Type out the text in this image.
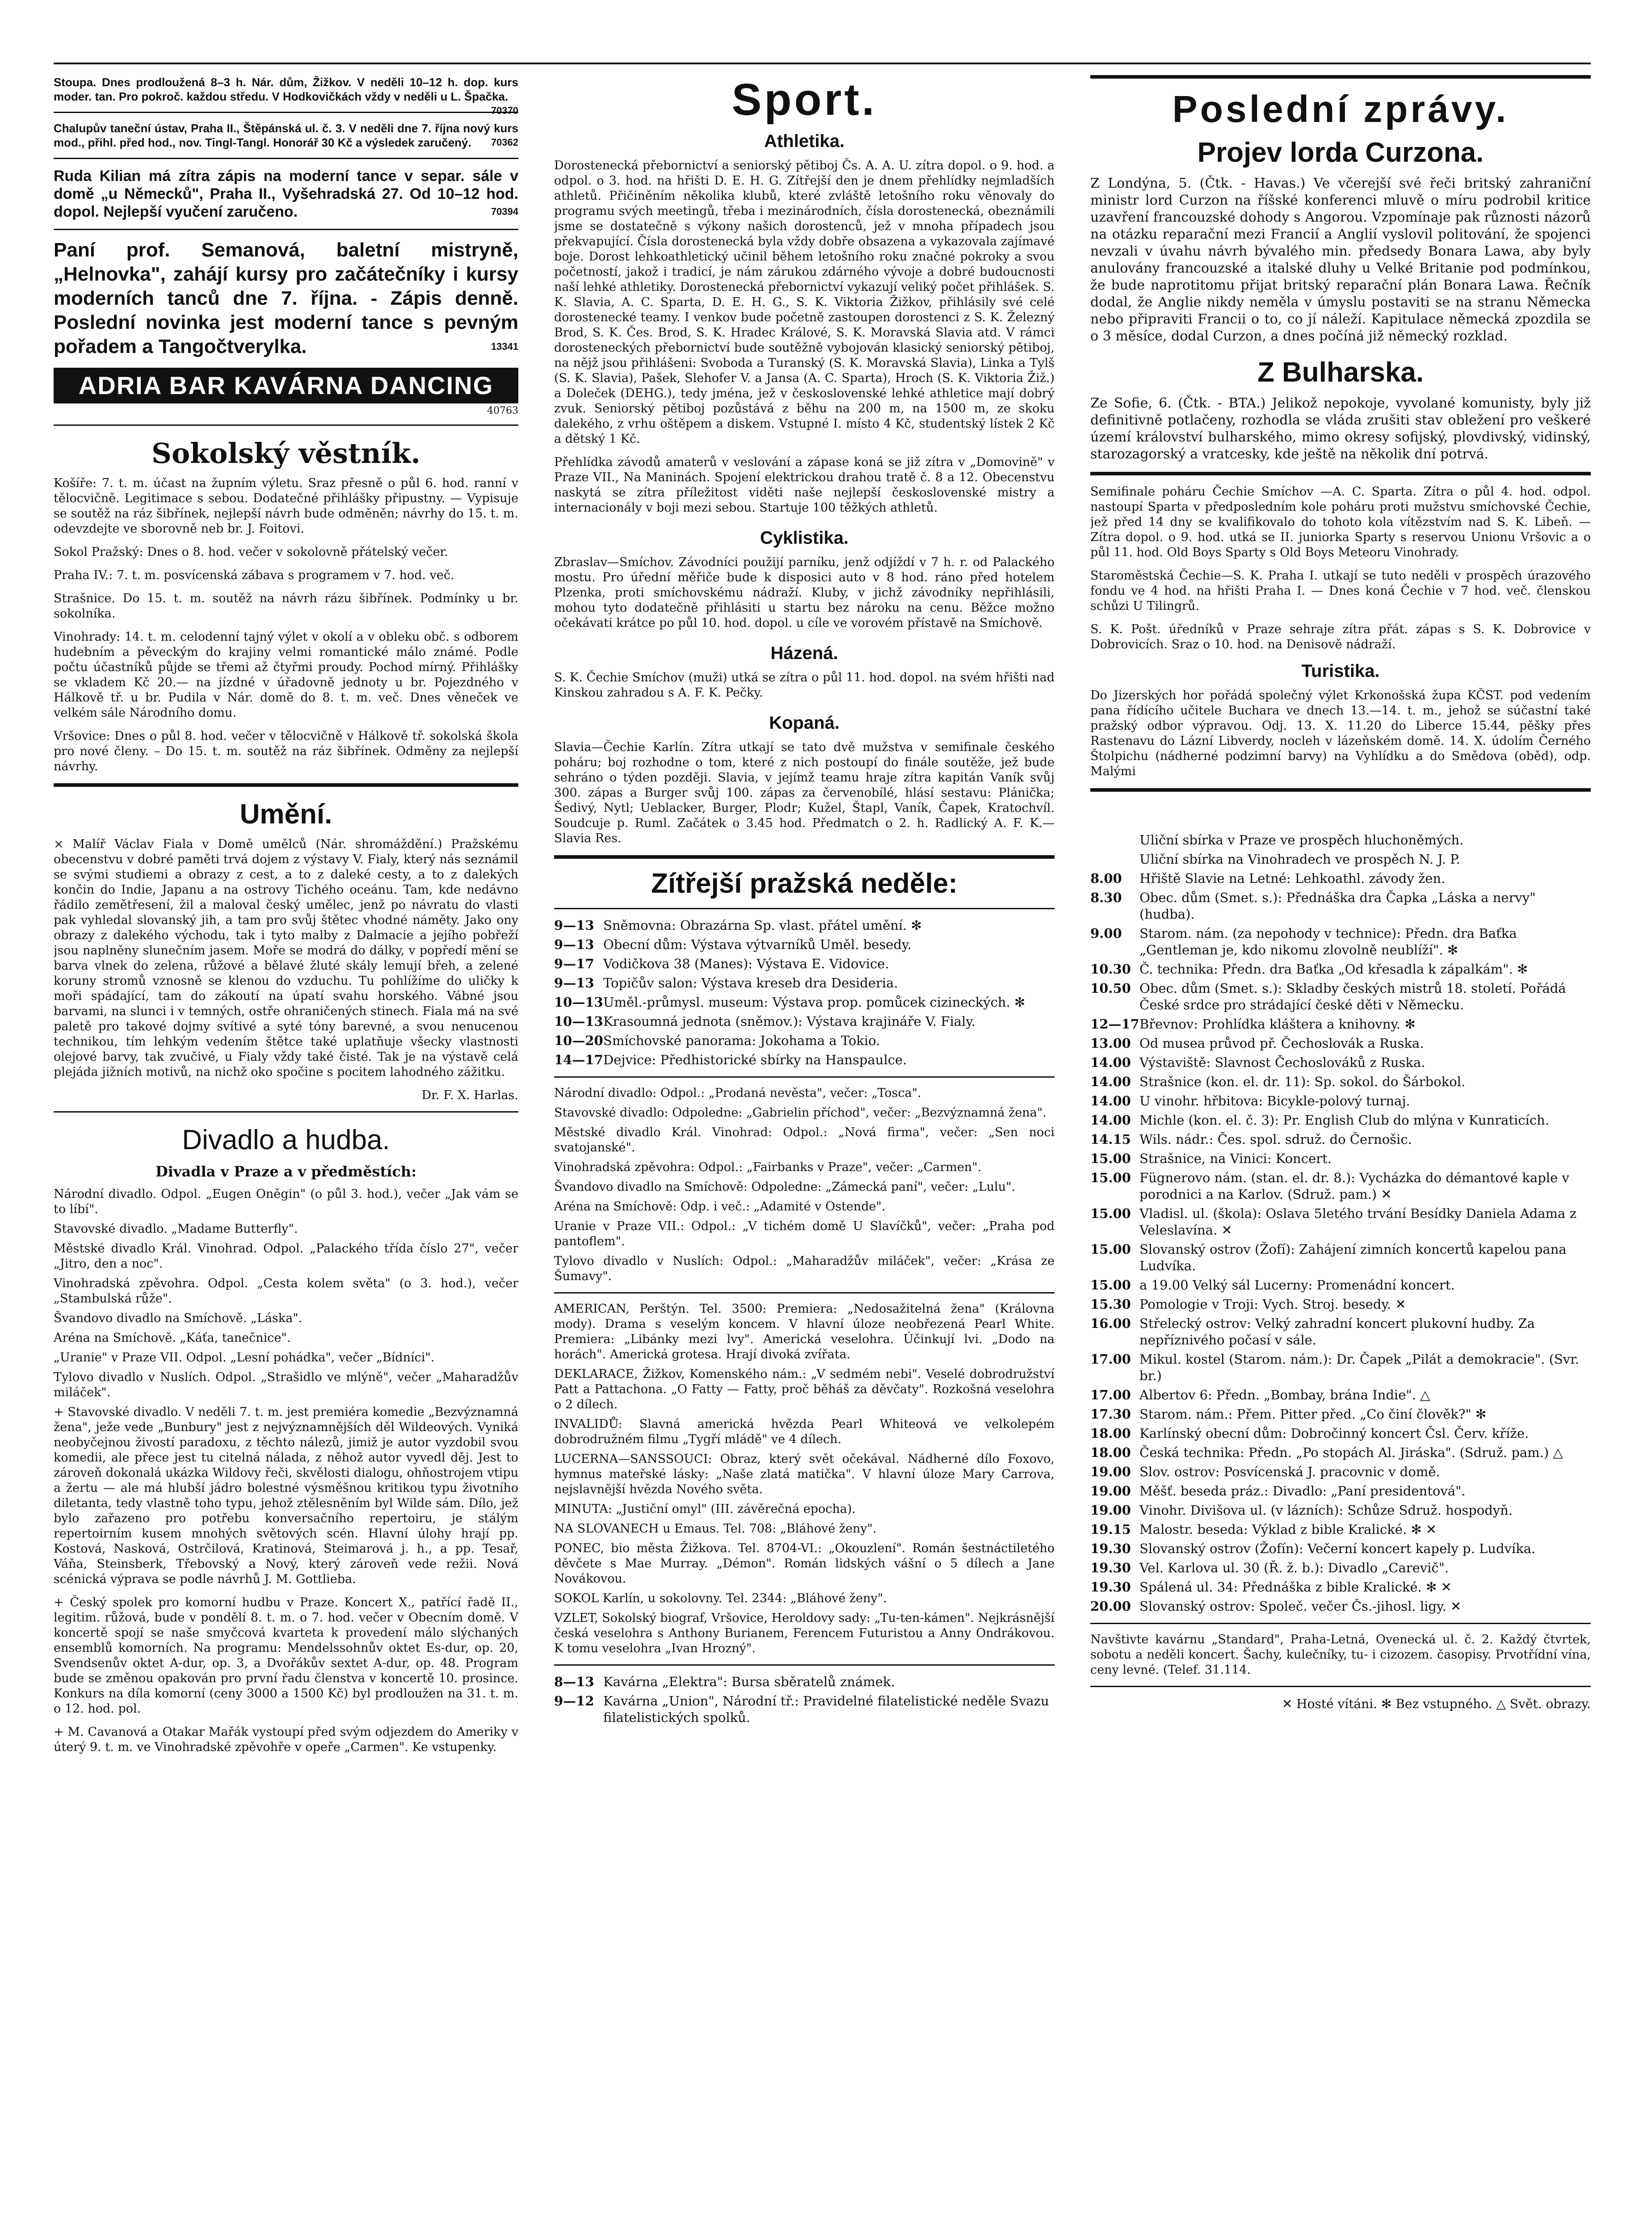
Stoupa. Dnes prodloužená 8–3 h. Nár. dům, Žižkov. V neděli 10–12 h. dop. kurs moder. tan. Pro pokroč. každou středu. V Hodkovičkách vždy v neděli u L. Špačka.
70370

Chalupův taneční ústav, Praha II., Štěpánská ul. č. 3. V neděli dne 7. října nový kurs mod., přihl. před hod., nov. Tingl-Tangl. Honorář 30 Kč a výsledek zaručený. 70362

Ruda Kilian má zítra zápis na moderní tance v separ. sále v domě „u Německů", Praha II., Vyšehradská 27. Od 10–12 hod. dopol. Nejlepší vyučení zaručeno.	70394

Paní prof. Semanová, baletní mistryně, „Helnovka", zahájí kursy pro začátečníky i kursy moderních tanců dne 7. října. - Zápis denně. Poslední novinka jest moderní tance s pevným pořadem a Tangočtverylka.	13341

ADRIA BAR KAVÁRNA DANCING
40763
Sokolský věstník.

Košíře: 7. t. m. účast na župním výletu. Sraz přesně o půl 6. hod. ranní v tělocvičně. Legitimace s sebou. Dodatečné přihlášky připustny. — Vypisuje se soutěž na ráz šibřínek, nejlepší návrh bude odměněn; návrhy do 15. t. m. odevzdejte ve sborovně neb br. J. Foitovi.

Sokol Pražský: Dnes o 8. hod. večer v sokolovně přátelský večer.

Praha IV.: 7. t. m. posvícenská zábava s programem v 7. hod. več.

Strašnice. Do 15. t. m. soutěž na návrh rázu šibřínek. Podmínky u br. sokolníka.

Vinohrady: 14. t. m. celodenní tajný výlet v okolí a v obleku obč. s odborem hudebním a pěveckým do krajiny velmi romantické málo známé. Podle počtu účastníků půjde se třemi až čtyřmi proudy. Pochod mírný. Přihlášky se vkladem Kč 20.— na jízdné v úřadovně jednoty u br. Pojezdného v Hálkově tř. u br. Pudila v Nár. domě do 8. t. m. več. Dnes věneček ve velkém sále Národního domu.

Vršovice: Dnes o půl 8. hod. večer v tělocvičně v Hálkově tř. sokolská škola pro nové členy. – Do 15. t. m. soutěž na ráz šibřínek. Odměny za nejlepší návrhy.

Umění.

× Malíř Václav Fiala v Domě umělců (Nár. shromáždění.) Pražskému obecenstvu v dobré paměti trvá dojem z výstavy V. Fialy, který nás seznámil se svými studiemi a obrazy z cest, a to z daleké cesty, a to z dalekých končin do Indie, Japanu a na ostrovy Tichého oceánu. Tam, kde nedávno řádilo zemětřesení, žil a maloval český umělec, jenž po návratu do vlasti pak vyhledal slovanský jih, a tam pro svůj štětec vhodné náměty. Jako ony obrazy z dalekého východu, tak i tyto malby z Dalmacie a jejího pobřeží jsou naplněny slunečním jasem. Moře se modrá do dálky, v popředí mění se barva vlnek do zelena, růžové a bělavé žluté skály lemují břeh, a zelené koruny stromů vznosně se klenou do vzduchu. Tu pohlížíme do uličky k moři spádající, tam do zákoutí na úpatí svahu horského. Vábné jsou barvami, na slunci i v temných, ostře ohraničených stinech. Fiala má na své paletě pro takové dojmy svítivé a syté tóny barevné, a svou nenucenou technikou, tím lehkým vedením štětce také uplatňuje všecky vlastnosti olejové barvy, tak zvučivé, u Fialy vždy také čisté. Tak je na výstavě celá plejáda jižních motivů, na nichž oko spočine s pocitem lahodného zážitku.

Dr. F. X. Harlas.

Divadlo a hudba.
Divadla v Praze a v předměstích:

Národní divadlo. Odpol. „Eugen Oněgin" (o půl 3. hod.), večer „Jak vám se to líbí".

Stavovské divadlo. „Madame Butterfly".

Městské divadlo Král. Vinohrad. Odpol. „Palackého třída číslo 27", večer „Jitro, den a noc".

Vinohradská zpěvohra. Odpol. „Cesta kolem světa" (o 3. hod.), večer „Stambulská růže".

Švandovo divadlo na Smíchově. „Láska".

Aréna na Smíchově. „Káťa, tanečnice".

„Uranie" v Praze VII. Odpol. „Lesní pohádka", večer „Bídníci".

Tylovo divadlo v Nuslích. Odpol. „Strašidlo ve mlýně", večer „Maharadžův miláček".

+ Stavovské divadlo. V neděli 7. t. m. jest premiéra komedie „Bezvýznamná žena", ježe vede „Bunbury" jest z nejvýznamnějších děl Wildeových. Vyniká neobyčejnou živostí paradoxu, z těchto nálezů, jimiž je autor vyzdobil svou komedii, ale přece jest tu citelná nálada, z něhož autor vyvedl děj. Jest to zároveň dokonalá ukázka Wildovy řeči, skvělosti dialogu, ohňostrojem vtipu a žertu — ale má hlubší jádro bolestné výsměšnou kritikou typu životního diletanta, tedy vlastně toho typu, jehož ztělesněním byl Wilde sám. Dílo, jež bylo zařazeno pro potřebu konversačního repertoiru, je stálým repertoirním kusem mnohých světových scén. Hlavní úlohy hrají pp. Kostová, Nasková, Ostrčilová, Kratinová, Steimarová j. h., a pp. Tesař, Váňa, Steinsberk, Třebovský a Nový, který zároveň vede režii. Nová scénická výprava se podle návrhů J. M. Gottlieba.

+ Český spolek pro komorní hudbu v Praze. Koncert X., patřící řadě II., legitim. růžová, bude v pondělí 8. t. m. o 7. hod. večer v Obecním domě. V koncertě spojí se naše smyčcová kvarteta k provedení málo slýchaných ensemblů komorních. Na programu: Mendelssohnův oktet Es-dur, op. 20, Svendsenův oktet A-dur, op. 3, a Dvořákův sextet A-dur, op. 48. Program bude se změnou opakován pro první řadu členstva v koncertě 10. prosince. Konkurs na díla komorní (ceny 3000 a 1500 Kč) byl prodloužen na 31. t. m. o 12. hod. pol.

+ M. Cavanová a Otakar Mařák vystoupí před svým odjezdem do Ameriky v úterý 9. t. m. ve Vinohradské zpěvohře v opeře „Carmen". Ke vstupenky.

Sport.
Athletika.

Dorostenecká přebornictví a seniorský pětiboj Čs. A. A. U. zítra dopol. o 9. hod. a odpol. o 3. hod. na hřišti D. E. H. G. Zítřejší den je dnem přehlídky nejmladších athletů. Přičiněním několika klubů, které zvláště letošního roku věnovaly do programu svých meetingů, třeba i mezinárodních, čísla dorostenecká, obeznámili jsme se dostatečně s výkony našich dorostenců, jež v mnoha případech jsou překvapující. Čísla dorostenecká byla vždy dobře obsazena a vykazovala zajímavé boje. Dorost lehkoathletický učinil během letošního roku značné pokroky a svou početností, jakož i tradicí, je nám zárukou zdárného vývoje a dobré budoucnosti naší lehké athletiky. Dorostenecká přebornictví vykazují veliký počet přihlášek. S. K. Slavia, A. C. Sparta, D. E. H. G., S. K. Viktoria Žižkov, přihlásily své celé dorostenecké teamy. I venkov bude početně zastoupen dorostenci z S. K. Železný Brod, S. K. Čes. Brod, S. K. Hradec Králové, S. K. Moravská Slavia atd. V rámci dorosteneckých přebornictví bude soutěžně vybojován klasický seniorský pětiboj, na nějž jsou přihlášeni: Svoboda a Turanský (S. K. Moravská Slavia), Linka a Tylš (S. K. Slavia), Pašek, Slehofer V. a Jansa (A. C. Sparta), Hroch (S. K. Viktoria Žiž.) a Doleček (DEHG.), tedy jména, jež v československé lehké athletice mají dobrý zvuk. Seniorský pětiboj pozůstává z běhu na 200 m, na 1500 m, ze skoku dalekého, z vrhu oštěpem a diskem. Vstupné I. místo 4 Kč, studentský lístek 2 Kč a dětský 1 Kč.

Přehlídka závodů amaterů v veslování a zápase koná se již zítra v „Domovině" v Praze VII., Na Maninách. Spojení elektrickou drahou tratě č. 8 a 12. Obecenstvu naskytá se zítra příležitost viděti naše nejlepší československé mistry a internacionály v boji mezi sebou. Startuje 100 těžkých athletů.

Cyklistika.

Zbraslav—Smíchov. Závodníci použijí parníku, jenž odjíždí v 7 h. r. od Palackého mostu. Pro úřední měřiče bude k disposici auto v 8 hod. ráno před hotelem Plzenka, proti smíchovskému nádraží. Kluby, v jichž závodníky nepřihlásili, mohou tyto dodatečně přihlásiti u startu bez nároku na cenu. Běžce možno očekávati krátce po půl 10. hod. dopol. u cíle ve vorovém přístavě na Smíchově.

Házená.

S. K. Čechie Smíchov (muži) utká se zítra o půl 11. hod. dopol. na svém hřišti nad Kinskou zahradou s A. F. K. Pečky.

Kopaná.

Slavia—Čechie Karlín. Zítra utkají se tato dvě mužstva v semifinale českého poháru; boj rozhodne o tom, které z nich postoupí do finále soutěže, jež bude sehráno o týden později. Slavia, v jejímž teamu hraje zítra kapitán Vaník svůj 300. zápas a Burger svůj 100. zápas za červenobílé, hlásí sestavu: Plánička; Šedivý, Nytl; Ueblacker, Burger, Plodr; Kužel, Štapl, Vaník, Čapek, Kratochvíl. Soudcuje p. Ruml. Začátek o 3.45 hod. Předmatch o 2. h. Radlický A. F. K.—Slavia Res.

Zítřejší pražská neděle:
9—13 Sněmovna: Obrazárna Sp. vlast. přátel umění. ✻
9—13 Obecní dům: Výstava výtvarníků Uměl. besedy.
9—17 Vodičkova 38 (Manes): Výstava E. Vidovice.
9—13 Topičův salon: Výstava kreseb dra Desideria.
10—13Uměl.-průmysl. museum: Výstava prop. pomůcek cizineckých. ✻
10—13Krasoumná jednota (sněmov.): Výstava krajináře V. Fialy.
10—20Smíchovské panorama: Jokohama a Tokio.
14—17Dejvice: Předhistorické sbírky na Hanspaulce.

Národní divadlo: Odpol.: „Prodaná nevěsta", večer: „Tosca".

Stavovské divadlo: Odpoledne: „Gabrielin příchod", večer: „Bezvýznamná žena".

Městské divadlo Král. Vinohrad: Odpol.: „Nová firma", večer: „Sen noci svatojanské".

Vinohradská zpěvohra: Odpol.: „Fairbanks v Praze", večer: „Carmen".

Švandovo divadlo na Smíchově: Odpoledne: „Zámecká paní", večer: „Lulu".

Aréna na Smíchově: Odp. i več.: „Adamité v Ostende".

Uranie v Praze VII.: Odpol.: „V tichém domě U Slavíčků", večer: „Praha pod pantoflem".

Tylovo divadlo v Nuslích: Odpol.: „Maharadžův miláček", večer: „Krása ze Šumavy".

AMERICAN, Perštýn. Tel. 3500: Premiera: „Nedosažitelná žena" (Královna mody). Drama s veselým koncem. V hlavní úloze neobřezená Pearl White. Premiera: „Libánky mezi lvy". Americká veselohra. Účinkují lvi. „Dodo na horách". Americká grotesa. Hrají divoká zvířata.

DEKLARACE, Žižkov, Komenského nám.: „V sedmém nebi". Veselé dobrodružství Patt a Pattachona. „O Fatty — Fatty, proč běháš za děvčaty". Rozkošná veselohra o 2 dílech.

INVALIDŮ: Slavná americká hvězda Pearl Whiteová ve velkolepém dobrodružném filmu „Tygří mládě" ve 4 dílech.

LUCERNA—SANSSOUCI: Obraz, který svět očekával. Nádherné dílo Foxovo, hymnus mateřské lásky: „Naše zlatá matička". V hlavní úloze Mary Carrova, nejslavnější hvězda Nového světa.

MINUTA: „Justiční omyl" (III. závěrečná epocha).

NA SLOVANECH u Emaus. Tel. 708: „Bláhové ženy".

PONEC, bio města Žižkova. Tel. 8704-VI.: „Okouzlení". Román šestnáctiletého děvčete s Mae Murray. „Démon". Román lidských vášní o 5 dílech a Jane Novákovou.

SOKOL Karlín, u sokolovny. Tel. 2344: „Bláhové ženy".

VZLET, Sokolský biograf, Vršovice, Heroldovy sady: „Tu-ten-kámen". Nejkrásnější česká veselohra s Anthony Burianem, Ferencem Futuristou a Anny Ondrákovou. K tomu veselohra „Ivan Hrozný".

8—13 Kavárna „Elektra": Bursa sběratelů známek.
9—12 Kavárna „Union", Národní tř.: Pravidelné filatelistické neděle Svazu filatelistických spolků.
Poslední zprávy.
Projev lorda Curzona.

Z Londýna, 5. (Čtk. - Havas.) Ve včerejší své řeči britský zahraniční ministr lord Curzon na říšské konferenci mluvě o míru podrobil kritice uzavření francouzské dohody s Angorou. Vzpomínaje pak různosti názorů na otázku reparační mezi Francií a Anglií vyslovil politování, že spojenci nevzali v úvahu návrh bývalého min. předsedy Bonara Lawa, aby byly anulovány francouzské a italské dluhy u Velké Britanie pod podmínkou, že bude naprotitomu přijat britský reparační plán Bonara Lawa. Řečník dodal, že Anglie nikdy neměla v úmyslu postaviti se na stranu Německa nebo připraviti Francii o to, co jí náleží. Kapitulace německá zpozdila se o 3 měsíce, dodal Curzon, a dnes počíná již německý rozklad.

Z Bulharska.

Ze Sofie, 6. (Čtk. - BTA.) Jelikož nepokoje, vyvolané komunisty, byly již definitivně potlačeny, rozhodla se vláda zrušiti stav obležení pro veškeré území království bulharského, mimo okresy sofijský, plovdivský, vidinský, starozagorský a vratcesky, kde ještě na několik dní potrvá.

Semifinale poháru Čechie Smíchov —A. C. Sparta. Zítra o půl 4. hod. odpol. nastoupí Sparta v předposledním kole poháru proti mužstvu smíchovské Čechie, jež před 14 dny se kvalifikovalo do tohoto kola vítězstvím nad S. K. Libeň. — Zítra dopol. o 9. hod. utká se II. juniorka Sparty s reservou Unionu Vršovic a o půl 11. hod. Old Boys Sparty s Old Boys Meteoru Vinohrady.

Staroměstská Čechie—S. K. Praha I. utkají se tuto neděli v prospěch úrazového fondu ve 4 hod. na hřišti Praha I. — Dnes koná Čechie v 7 hod. več. členskou schůzi U Tilingrů.

S. K. Pošt. úředníků v Praze sehraje zítra přát. zápas s S. K. Dobrovice v Dobrovicích. Sraz o 10. hod. na Denisově nádraží.

Turistika.

Do Jizerských hor pořádá společný výlet Krkonošská župa KČST. pod vedením pana řídícího učitele Buchara ve dnech 13.—14. t. m., jehož se súčastní také pražský odbor výpravou. Odj. 13. X. 11.20 do Liberce 15.44, pěšky přes Rastenavu do Lázní Libverdy, nocleh v lázeňském domě. 14. X. údolím Černého Štolpichu (nádherné podzimní barvy) na Vyhlídku a do Smědova (oběd), odp. Malými

Uliční sbírka v Praze ve prospěch hluchoněmých.
Uliční sbírka na Vinohradech ve prospěch N. J. P.
8.00 Hřiště Slavie na Letné: Lehkoathl. závody žen.
8.30 Obec. dům (Smet. s.): Přednáška dra Čapka „Láska a nervy" (hudba).
9.00 Starom. nám. (za nepohody v technice): Předn. dra Baťka „Gentleman je, kdo nikomu zlovolně neublíží". ✻
10.30 Č. technika: Předn. dra Baťka „Od křesadla k zápalkám". ✻
10.50 Obec. dům (Smet. s.): Skladby českých mistrů 18. století. Pořádá České srdce pro strádající české děti v Německu.
12—17Břevnov: Prohlídka kláštera a knihovny. ✻
13.00 Od musea průvod př. Čechoslovák a Ruska.
14.00 Výstaviště: Slavnost Čechoslováků z Ruska.
14.00 Strašnice (kon. el. dr. 11): Sp. sokol. do Šárbokol.
14.00 U vinohr. hřbitova: Bicykle-polový turnaj.
14.00 Michle (kon. el. č. 3): Pr. English Club do mlýna v Kunraticích.
14.15 Wils. nádr.: Čes. spol. sdruž. do Černošic.
15.00 Strašnice, na Vinici: Koncert.
15.00 Fügnerovo nám. (stan. el. dr. 8.): Vycházka do démantové kaple v porodnici a na Karlov. (Sdruž. pam.) ✕
15.00 Vladisl. ul. (škola): Oslava 5letého trvání Besídky Daniela Adama z Veleslavína. ✕
15.00 Slovanský ostrov (Žofí): Zahájení zimních koncertů kapelou pana Ludvíka.
15.00 a 19.00 Velký sál Lucerny: Promenádní koncert.
15.30 Pomologie v Troji: Vych. Stroj. besedy. ✕
16.00 Střelecký ostrov: Velký zahradní koncert plukovní hudby. Za nepříznivého počasí v sále.
17.00 Mikul. kostel (Starom. nám.): Dr. Čapek „Pilát a demokracie". (Svr. br.)
17.00 Albertov 6: Předn. „Bombay, brána Indie". △
17.30 Starom. nám.: Přem. Pitter před. „Co činí člověk?" ✻
18.00 Karlínský obecní dům: Dobročinný koncert Čsl. Červ. kříže.
18.00 Česká technika: Předn. „Po stopách Al. Jiráska". (Sdruž. pam.) △
19.00 Slov. ostrov: Posvícenská J. pracovnic v domě.
19.00 Měšť. beseda práz.: Divadlo: „Paní presidentová".
19.00 Vinohr. Divišova ul. (v lázních): Schůze Sdruž. hospodyň.
19.15 Malostr. beseda: Výklad z bible Kralické. ✻ ✕
19.30 Slovanský ostrov (Žofín): Večerní koncert kapely p. Ludvíka.
19.30 Vel. Karlova ul. 30 (Ř. ž. b.): Divadlo „Carevič".
19.30 Spálená ul. 34: Přednáška z bible Kralické. ✻ ✕
20.00 Slovanský ostrov: Společ. večer Čs.-jihosl. ligy. ✕

Navštivte kavárnu „Standard", Praha-Letná, Ovenecká ul. č. 2. Každý čtvrtek, sobotu a neděli koncert. Šachy, kulečníky, tu- i cizozem. časopisy. Prvotřídní vína, ceny levné. (Telef. 31.114.

✕ Hosté vítáni. ✻ Bez vstupného. △ Svět. obrazy.
